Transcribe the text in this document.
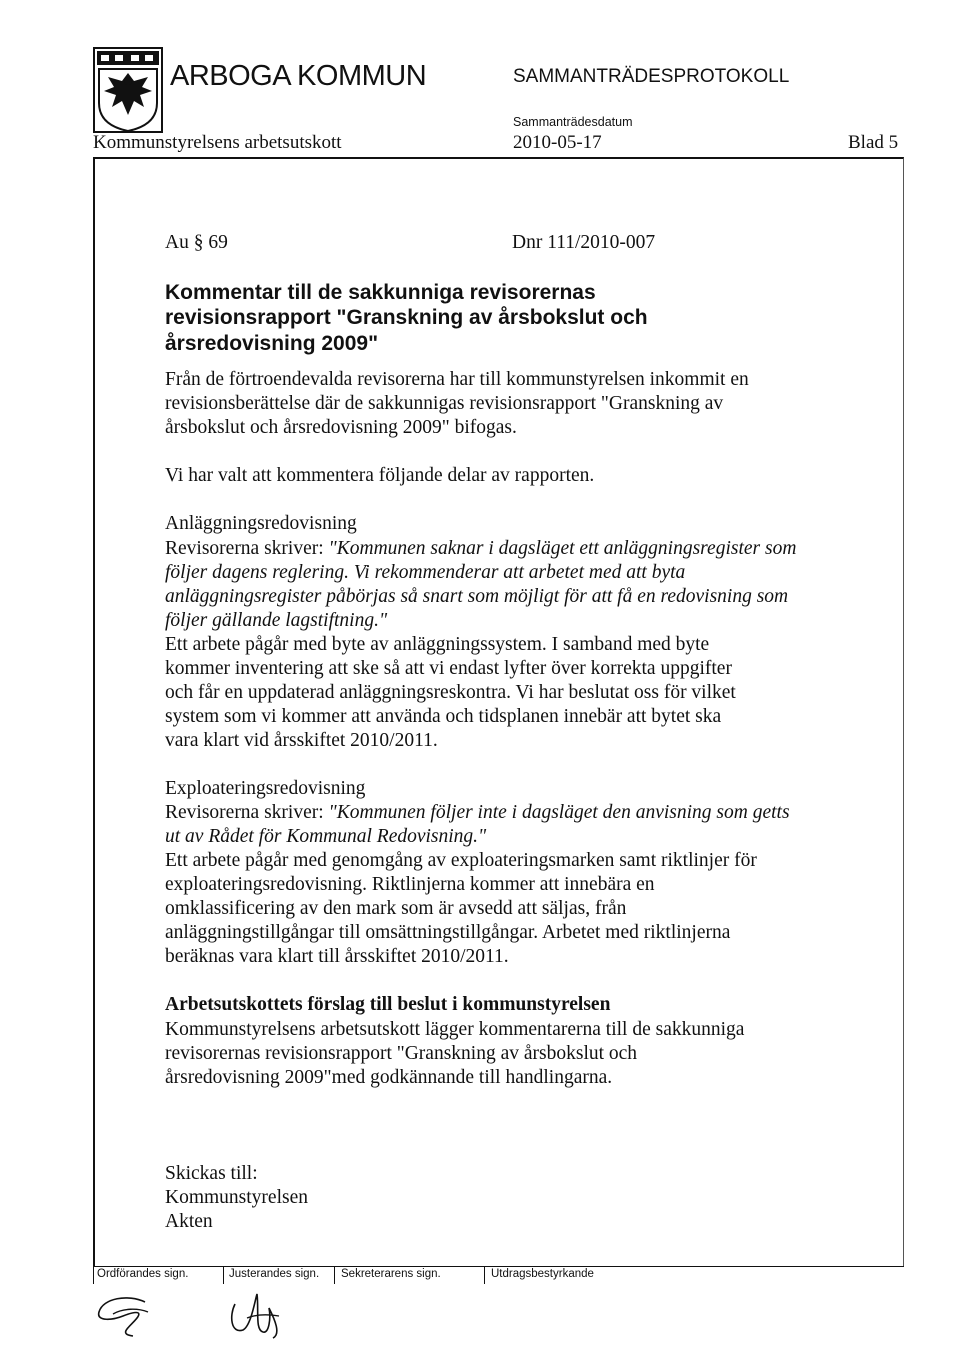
ARBOGA KOMMUN	SAMMANTRÄDESPROTOKOLL
Sammanträdesdatum
Kommunstyrelsens arbetsutskott	2010-05-17	Blad 5
Au § 69	Dnr 111/2010-007
Kommentar till de sakkunniga revisorernas
revisionsrapport "Granskning av årsbokslut och
årsredovisning 2009"
Från de förtroendevalda revisorerna har till kommunstyrelsen inkommit en
revisionsberättelse där de sakkunnigas revisionsrapport "Granskning av
årsbokslut och årsredovisning 2009" bifogas.
Vi har valt att kommentera följande delar av rapporten.
Anläggningsredovisning
Revisorerna skriver: "Kommunen saknar i dagsläget ett anläggningsregister som
följer dagens reglering. Vi rekommenderar att arbetet med att byta
anläggningsregister påbörjas så snart som möjligt för att få en redovisning som
följer gällande lagstiftning."
Ett arbete pågår med byte av anläggningssystem. I samband med byte
kommer inventering att ske så att vi endast lyfter över korrekta uppgifter
och får en uppdaterad anläggningsreskontra. Vi har beslutat oss för vilket
system som vi kommer att använda och tidsplanen innebär att bytet ska
vara klart vid årsskiftet 2010/2011.
Exploateringsredovisning
Revisorerna skriver: "Kommunen följer inte i dagsläget den anvisning som getts
ut av Rådet för Kommunal Redovisning."
Ett arbete pågår med genomgång av exploateringsmarken samt riktlinjer för
exploateringsredovisning. Riktlinjerna kommer att innebära en
omklassificering av den mark som är avsedd att säljas, från
anläggningstillgångar till omsättningstillgångar. Arbetet med riktlinjerna
beräknas vara klart till årsskiftet 2010/2011.
Arbetsutskottets förslag till beslut i kommunstyrelsen
Kommunstyrelsens arbetsutskott lägger kommentarerna till de sakkunniga
revisorernas revisionsrapport "Granskning av årsbokslut och
årsredovisning 2009"med godkännande till handlingarna.
Skickas till:
Kommunstyrelsen
Akten
Ordförandes sign.	Justerandes sign. Sekreterarens sign.	Utdragsbestyrkande
